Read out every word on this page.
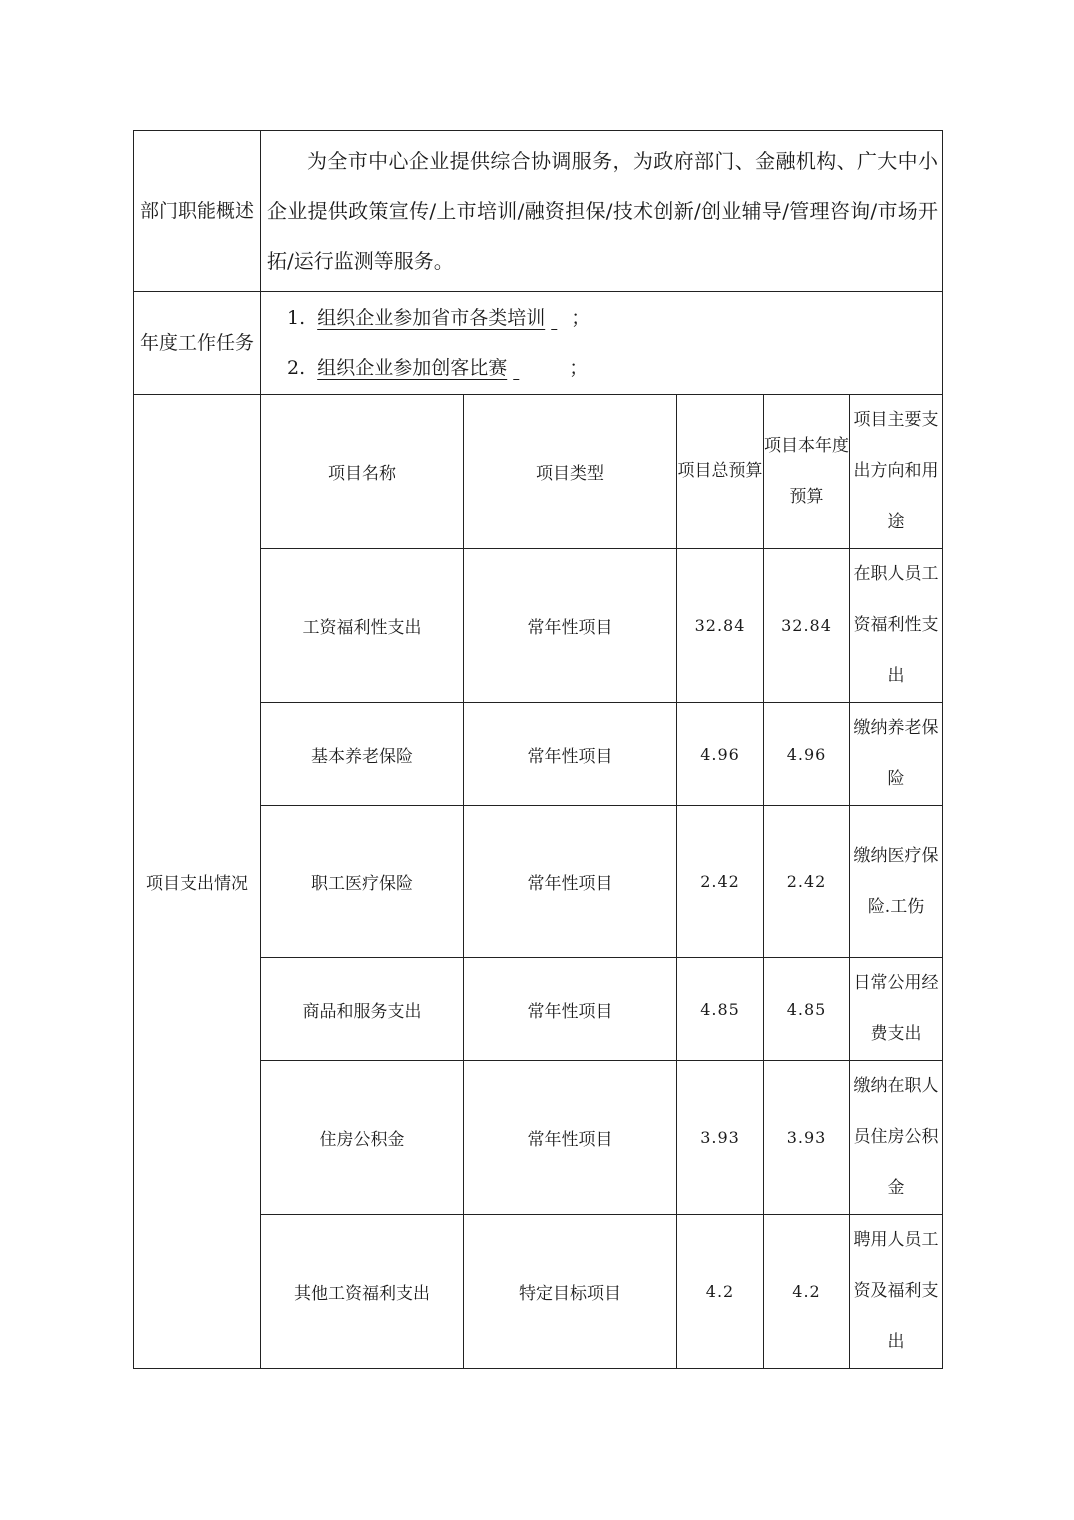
部门职能概述	为全市中心企业提供综合协调服务，为政府部门、金融机构、广大中小企业提供政策宣传/上市培训/融资担保/技术创新/创业辅导/管理咨询/市场开拓/运行监测等服务。				
年度工作任务	1. 组织企业参加省市各类培训 ；
2. 组织企业参加创客比赛 ；				

项目支出情况	项目名称	项目类型	项目总预算	项目本年度预算	项目主要支出方向和用途
	工资福利性支出	常年性项目	32.84	32.84	在职人员工资福利性支出
	基本养老保险	常年性项目	4.96	4.96	缴纳养老保险
	职工医疗保险	常年性项目	2.42	2.42	缴纳医疗保险.工伤
	商品和服务支出	常年性项目	4.85	4.85	日常公用经费支出
	住房公积金	常年性项目	3.93	3.93	缴纳在职人员住房公积金
	其他工资福利支出	特定目标项目	4.2	4.2	聘用人员工资及福利支出
